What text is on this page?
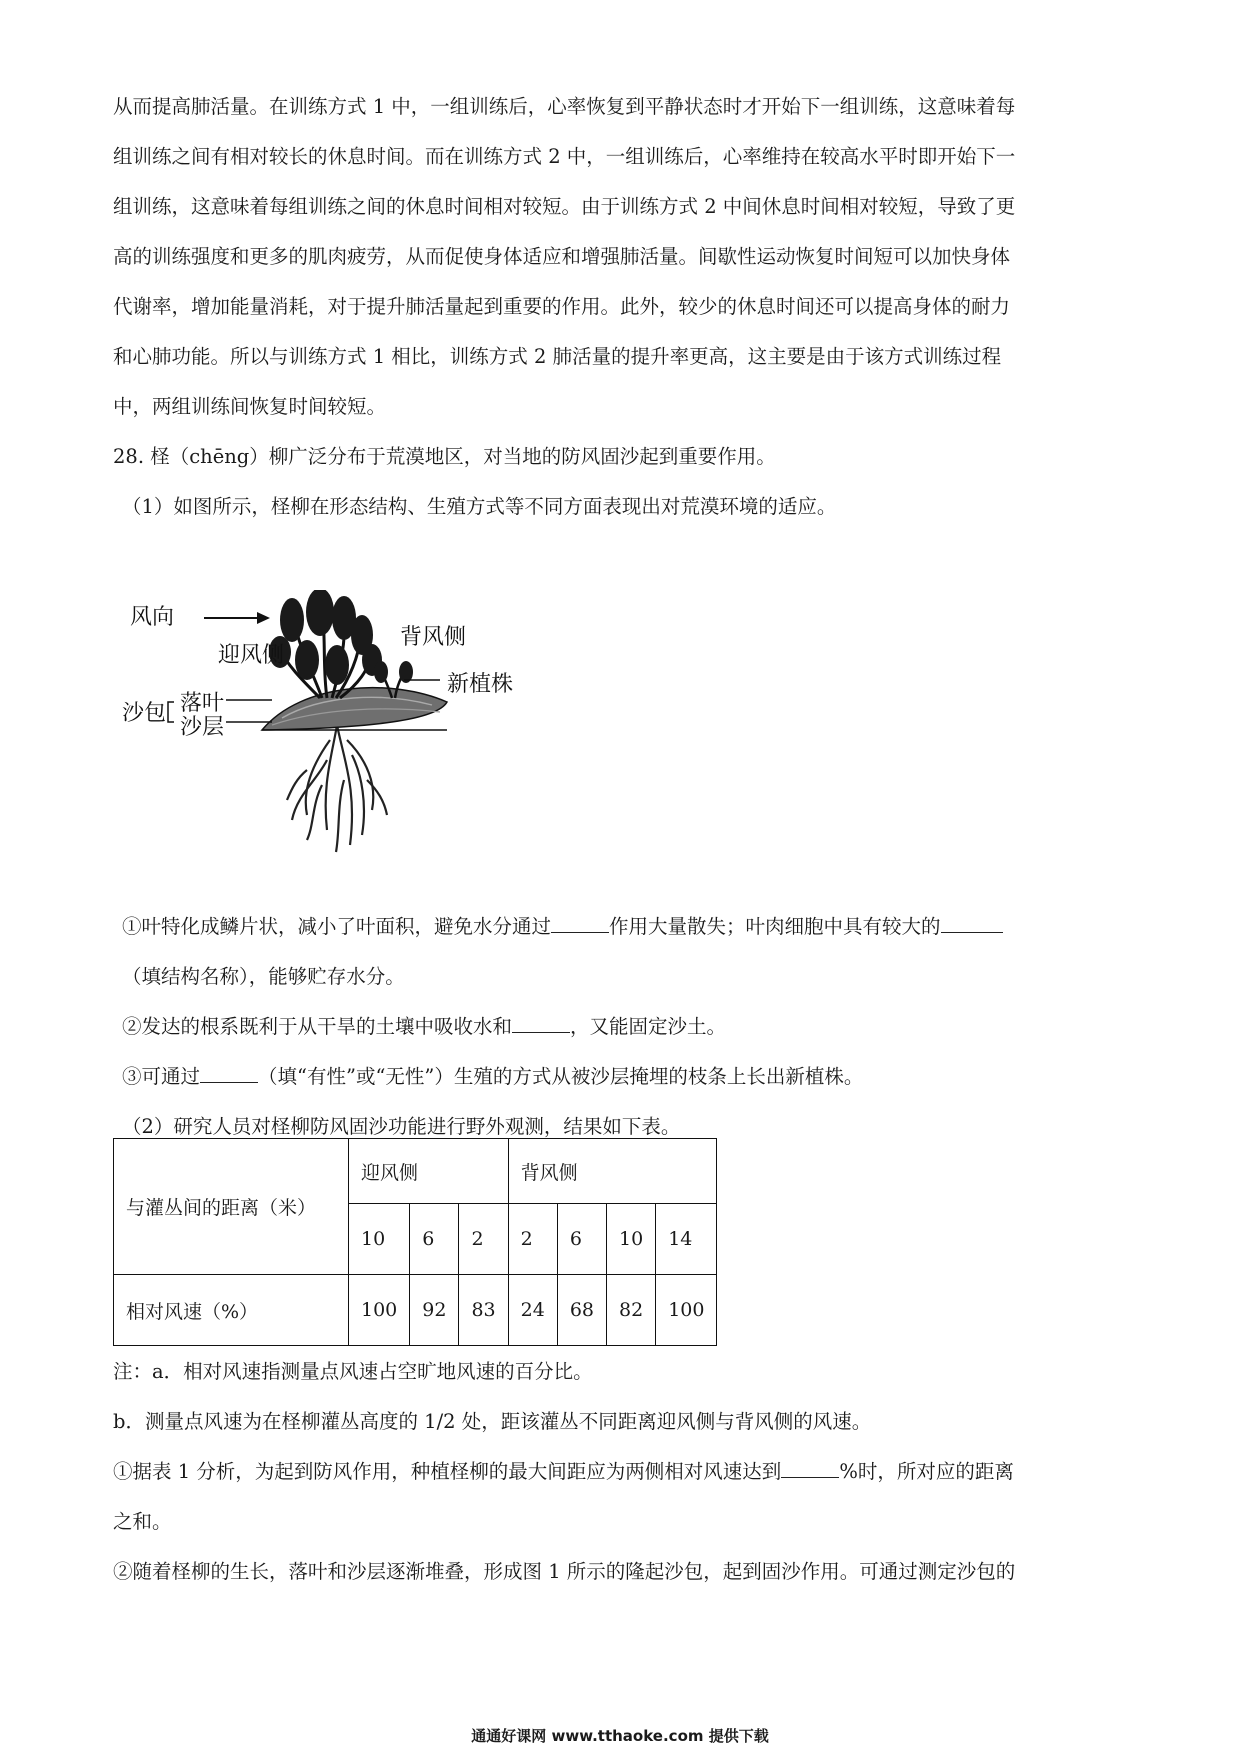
从而提高肺活量。在训练方式 1 中，一组训练后，心率恢复到平静状态时才开始下一组训练，这意味着每
组训练之间有相对较长的休息时间。而在训练方式 2 中，一组训练后，心率维持在较高水平时即开始下一
组训练，这意味着每组训练之间的休息时间相对较短。由于训练方式 2 中间休息时间相对较短，导致了更
高的训练强度和更多的肌肉疲劳，从而促使身体适应和增强肺活量。间歇性运动恢复时间短可以加快身体
代谢率，增加能量消耗，对于提升肺活量起到重要的作用。此外，较少的休息时间还可以提高身体的耐力
和心肺功能。所以与训练方式 1 相比，训练方式 2 肺活量的提升率更高，这主要是由于该方式训练过程
中，两组训练间恢复时间较短。
28. 柽（chēng）柳广泛分布于荒漠地区，对当地的防风固沙起到重要作用。
（1）如图所示，柽柳在形态结构、生殖方式等不同方面表现出对荒漠环境的适应。
风向
迎风侧
背风侧
新植株
沙包 落叶
沙层
①叶特化成鳞片状，减小了叶面积，避免水分通过	作用大量散失；叶肉细胞中具有较大的
（填结构名称），能够贮存水分。
②发达的根系既利于从干旱的土壤中吸收水和	，又能固定沙土。
③可通过	（填“有性”或“无性”）生殖的方式从被沙层掩埋的枝条上长出新植株。
（2）研究人员对柽柳防风固沙功能进行野外观测，结果如下表。
与灌丛间的距离（米）	迎风侧			背风侧			
	10	6	2	2	6	10	14
相对风速（%）	100	92	83	24	68	82	100
注：a．相对风速指测量点风速占空旷地风速的百分比。
b．测量点风速为在柽柳灌丛高度的 1/2 处，距该灌丛不同距离迎风侧与背风侧的风速。
①据表 1 分析，为起到防风作用，种植柽柳的最大间距应为两侧相对风速达到	%时，所对应的距离
之和。
②随着柽柳的生长，落叶和沙层逐渐堆叠，形成图 1 所示的隆起沙包，起到固沙作用。可通过测定沙包的
通通好课网 www.tthaoke.com 提供下载
